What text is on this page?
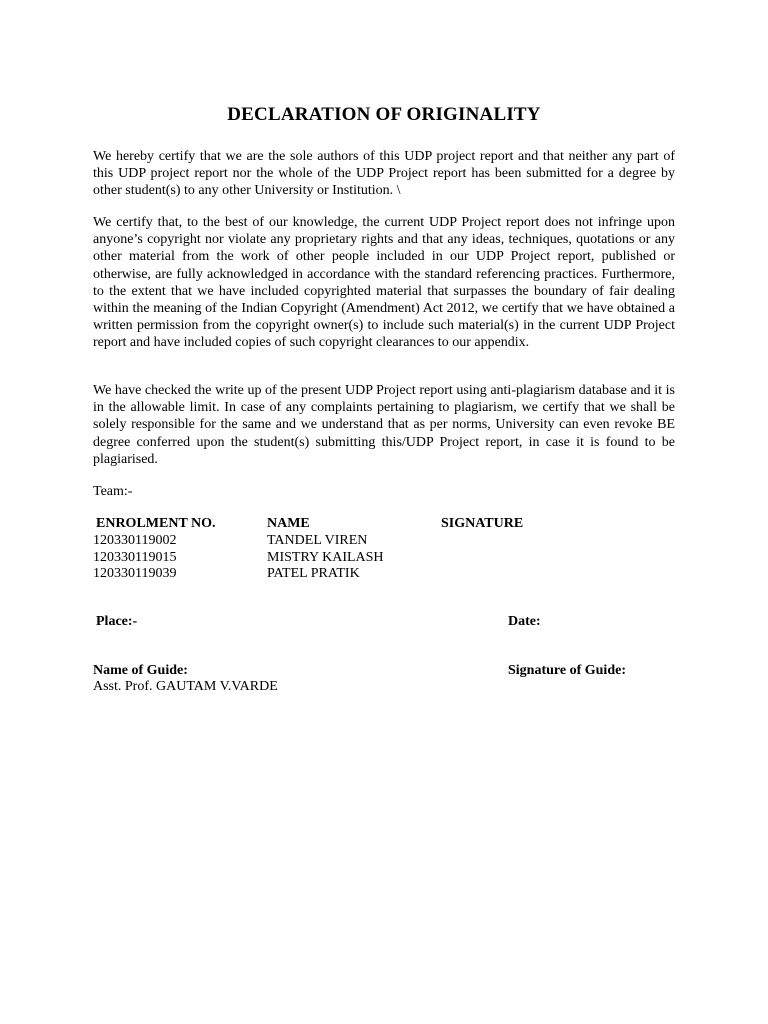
DECLARATION OF ORIGINALITY

We hereby certify that we are the sole authors of this UDP project report and that neither any part of this UDP project report nor the whole of the UDP Project report has been submitted for a degree by other student(s) to any other University or Institution. \

We certify that, to the best of our knowledge, the current UDP Project report does not infringe upon anyone’s copyright nor violate any proprietary rights and that any ideas, techniques, quotations or any other material from the work of other people included in our UDP Project report, published or otherwise, are fully acknowledged in accordance with the standard referencing practices. Furthermore, to the extent that we have included copyrighted material that surpasses the boundary of fair dealing within the meaning of the Indian Copyright (Amendment) Act 2012, we certify that we have obtained a written permission from the copyright owner(s) to include such material(s) in the current UDP Project report and have included copies of such copyright clearances to our appendix.

We have checked the write up of the present UDP Project report using anti-plagiarism database and it is in the allowable limit. In case of any complaints pertaining to plagiarism, we certify that we shall be solely responsible for the same and we understand that as per norms, University can even revoke BE degree conferred upon the student(s) submitting this/UDP Project report, in case it is found to be plagiarised.

Team:-
ENROLMENT NO.	NAME	SIGNATURE
120330119002	TANDEL VIREN	
120330119015	MISTRY KAILASH	
120330119039	PATEL PRATIK	
Place:-	Date:
Name of Guide:	Signature of Guide:
Asst. Prof. GAUTAM V.VARDE
